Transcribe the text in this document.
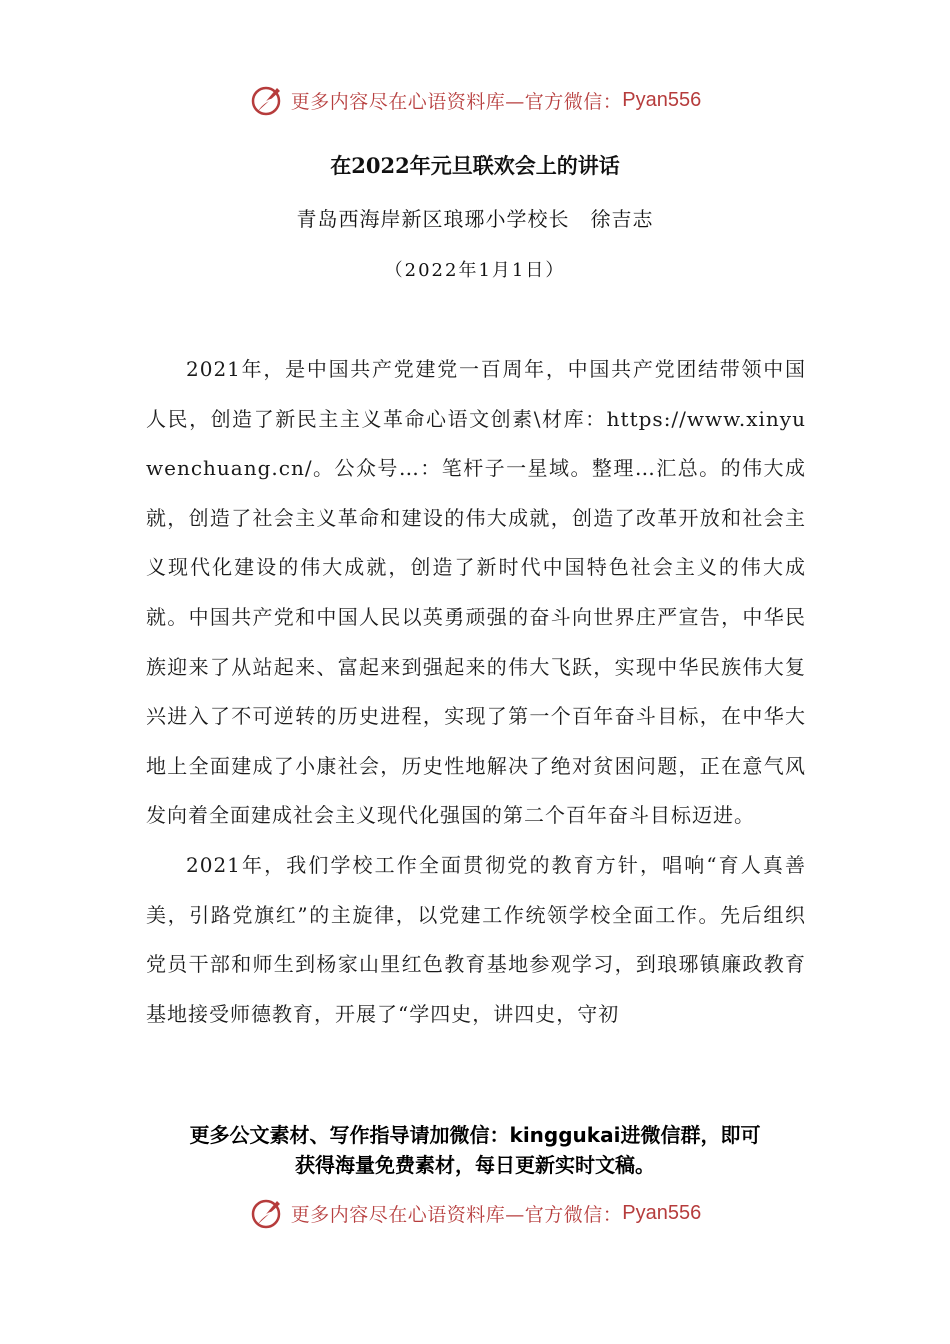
更多内容尽在心语资料库—官方微信： Pyan556
在2022年元旦联欢会上的讲话
青岛西海岸新区琅琊小学校长　徐吉志
（2022年1月1日）

2021年，是中国共产党建党一百周年，中国共产党团结带领中国人民，创造了新民主主义革命心语文创素\材库：https://www.xinyuwenchuang.cn/。公众号…：笔杆子一星域。整理…汇总。的伟大成就，创造了社会主义革命和建设的伟大成就，创造了改革开放和社会主义现代化建设的伟大成就，创造了新时代中国特色社会主义的伟大成就。中国共产党和中国人民以英勇顽强的奋斗向世界庄严宣告，中华民族迎来了从站起来、富起来到强起来的伟大飞跃，实现中华民族伟大复兴进入了不可逆转的历史进程，实现了第一个百年奋斗目标，在中华大地上全面建成了小康社会，历史性地解决了绝对贫困问题，正在意气风发向着全面建成社会主义现代化强国的第二个百年奋斗目标迈进。

2021年，我们学校工作全面贯彻党的教育方针，唱响“育人真善美，引路党旗红”的主旋律，以党建工作统领学校全面工作。先后组织党员干部和师生到杨家山里红色教育基地参观学习，到琅琊镇廉政教育基地接受师德教育，开展了“学四史，讲四史，守初

更多公文素材、写作指导请加微信：kinggukai进微信群，即可
获得海量免费素材，每日更新实时文稿。
更多内容尽在心语资料库—官方微信： Pyan556
